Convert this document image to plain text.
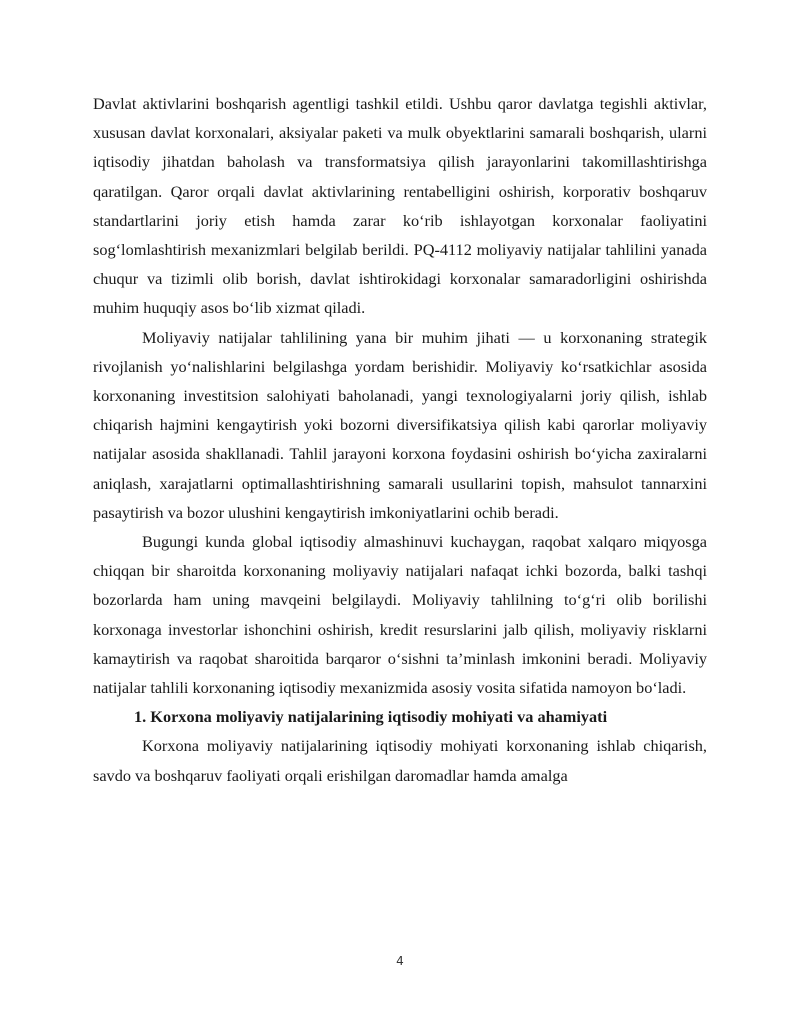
Davlat aktivlarini boshqarish agentligi tashkil etildi. Ushbu qaror davlatga tegishli aktivlar, xususan davlat korxonalari, aksiyalar paketi va mulk obyektlarini samarali boshqarish, ularni iqtisodiy jihatdan baholash va transformatsiya qilish jarayonlarini takomillashtirishga qaratilgan. Qaror orqali davlat aktivlarining rentabelligini oshirish, korporativ boshqaruv standartlarini joriy etish hamda zarar ko‘rib ishlayotgan korxonalar faoliyatini sog‘lomlashtirish mexanizmlari belgilab berildi. PQ-4112 moliyaviy natijalar tahlilini yanada chuqur va tizimli olib borish, davlat ishtirokidagi korxonalar samaradorligini oshirishda muhim huquqiy asos bo‘lib xizmat qiladi.

Moliyaviy natijalar tahlilining yana bir muhim jihati — u korxonaning strategik rivojlanish yo‘nalishlarini belgilashga yordam berishidir. Moliyaviy ko‘rsatkichlar asosida korxonaning investitsion salohiyati baholanadi, yangi texnologiyalarni joriy qilish, ishlab chiqarish hajmini kengaytirish yoki bozorni diversifikatsiya qilish kabi qarorlar moliyaviy natijalar asosida shakllanadi. Tahlil jarayoni korxona foydasini oshirish bo‘yicha zaxiralarni aniqlash, xarajatlarni optimallashtirishning samarali usullarini topish, mahsulot tannarxini pasaytirish va bozor ulushini kengaytirish imkoniyatlarini ochib beradi.

Bugungi kunda global iqtisodiy almashinuvi kuchaygan, raqobat xalqaro miqyosga chiqqan bir sharoitda korxonaning moliyaviy natijalari nafaqat ichki bozorda, balki tashqi bozorlarda ham uning mavqeini belgilaydi. Moliyaviy tahlilning to‘g‘ri olib borilishi korxonaga investorlar ishonchini oshirish, kredit resurslarini jalb qilish, moliyaviy risklarni kamaytirish va raqobat sharoitida barqaror o‘sishni ta’minlash imkonini beradi. Moliyaviy natijalar tahlili korxonaning iqtisodiy mexanizmida asosiy vosita sifatida namoyon bo‘ladi.

1. Korxona moliyaviy natijalarining iqtisodiy mohiyati va ahamiyati

Korxona moliyaviy natijalarining iqtisodiy mohiyati korxonaning ishlab chiqarish, savdo va boshqaruv faoliyati orqali erishilgan daromadlar hamda amalga

4
